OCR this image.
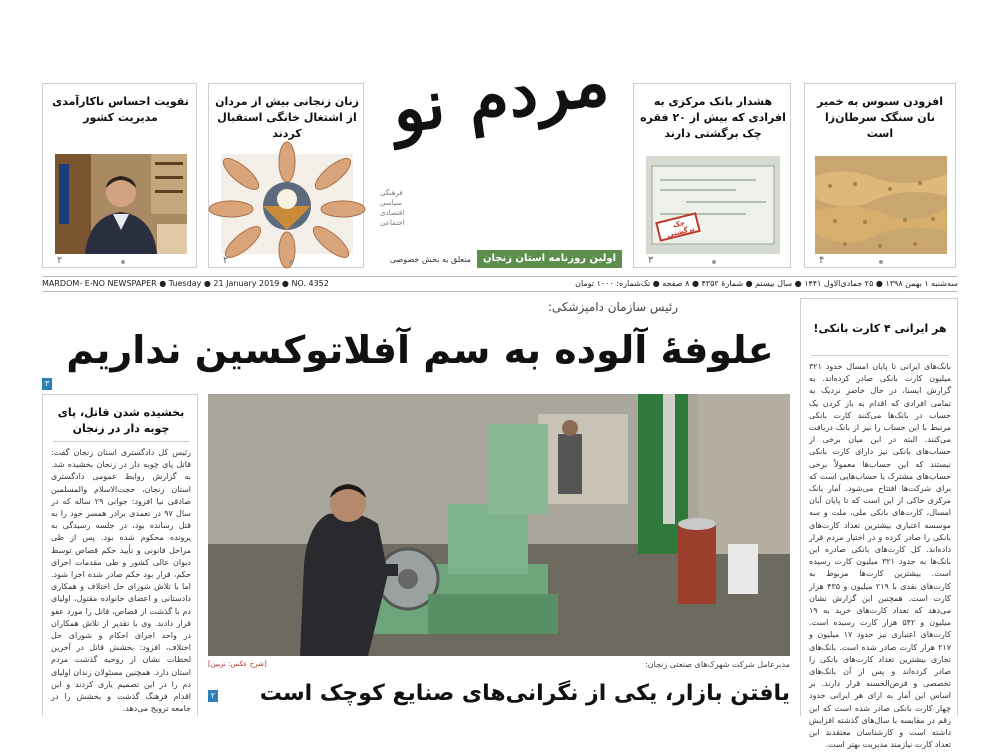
افزودن سبوس به خمیر نان سنگک سرطان‌زا است
۴
هشدار بانک مرکزی به افرادی که بیش از ۲۰ فقره چک برگشتی دارند
چک برگشتی
۳
زنان زنجانی بیش از مردان از اشتغال خانگی استقبال کردند
۲
تقویت احساس ناکارآمدی مدیریت کشور
۲
مردم نو
فرهنگی
سیاسی
اقتصادی
اجتماعی
اولین روزنامه استان زنجان
متعلق به بخش خصوصی
MARDOM- E-NO NEWSPAPER ● Tuesday ● 21 January 2019 ● NO. 4352	سه‌شنبه ۱ بهمن ۱۳۹۸ ● ۲۵ جمادی‌الاول ۱۴۴۱ ● سال بیستم ● شمارهٔ ۴۳۵۲ ● ۸ صفحه ● تک‌شماره: ۱۰۰۰ تومان
رئیس سازمان دامپزشکی:
علوفهٔ آلوده به سم آفلاتوکسین نداریم
۳
هر ایرانی ۴ کارت بانکی!
بانک‌های ایرانی تا پایان امسال حدود ۳۲۱ میلیون کارت بانکی صادر کرده‌اند. به گزارش ایسنا، در حال حاضر نزدیک به تمامی افرادی که اقدام به باز کردن یک حساب در بانک‌ها می‌کنند کارت بانکی مرتبط با این حساب را نیز از بانک دریافت می‌کنند. البته در این میان برخی از حساب‌های بانکی نیز دارای کارت بانکی نیستند که این حساب‌ها معمولاً برخی حساب‌های مشترک یا حساب‌هایی است که برای شرکت‌ها افتتاح می‌شود. آمار بانک مرکزی حاکی از این است که تا پایان آبان امسال، کارت‌های بانکی ملی، ملت و سه موسسه اعتباری بیشترین تعداد کارت‌های بانکی را صادر کرده و در اختیار مردم قرار داده‌اند. کل کارت‌های بانکی صادره این بانک‌ها به حدود ۳۲۱ میلیون کارت رسیده است. بیشترین کارت‌ها مربوط به کارت‌های نقدی با ۲۱۹ میلیون و ۴۳۵ هزار کارت است. همچنین این گزارش نشان می‌دهد که تعداد کارت‌های خرید به ۱۹ میلیون و ۵۴۲ هزار کارت رسیده است. کارت‌های اعتباری نیز حدود ۱۷ میلیون و ۲۱۷ هزار کارت صادر شده است. بانک‌های تجاری بیشترین تعداد کارت‌های بانکی را صادر کرده‌اند و پس از آن بانک‌های تخصصی و قرض‌الحسنه قرار دارند. بر اساس این آمار به ازای هر ایرانی حدود چهار کارت بانکی صادر شده است که این رقم در مقایسه با سال‌های گذشته افزایش داشته است و کارشناسان معتقدند این تعداد کارت نیازمند مدیریت بهتر است.
بخشیده شدن قاتل، پای چوبه دار در زنجان
رئیس کل دادگستری استان زنجان گفت: قاتل پای چوبه دار در زنجان بخشیده شد. به گزارش روابط عمومی دادگستری استان زنجان، حجت‌الاسلام والمسلمین صادقی نیا افزود: جوانی ۲۹ ساله که در سال ۹۷ در تعمدی برادر همسر خود را به قتل رسانده بود، در جلسه رسیدگی به پرونده محکوم شده بود. پس از طی مراحل قانونی و تأیید حکم قصاص توسط دیوان عالی کشور و طی مقدمات اجرای حکم، قرار بود حکم صادر شده اجرا شود. اما با تلاش شورای حل اختلاف و همکاری دادستانی و اعضای خانواده مقتول، اولیای دم با گذشت از قصاص، قاتل را مورد عفو قرار دادند. وی با تقدیر از تلاش همکاران در واحد اجرای احکام و شورای حل اختلاف، افزود: بخشش قاتل در آخرین لحظات نشان از روحیه گذشت مردم استان دارد. همچنین مسئولان زندان اولیای دم را در این تصمیم یاری کردند و این اقدام فرهنگ گذشت و بخشش را در جامعه ترویج می‌دهد.
مدیرعامل شرکت شهرک‌های صنعتی زنجان:
[شرح عکس: تزیین]
یافتن بازار، یکی از نگرانی‌های صنایع کوچک است
۲
